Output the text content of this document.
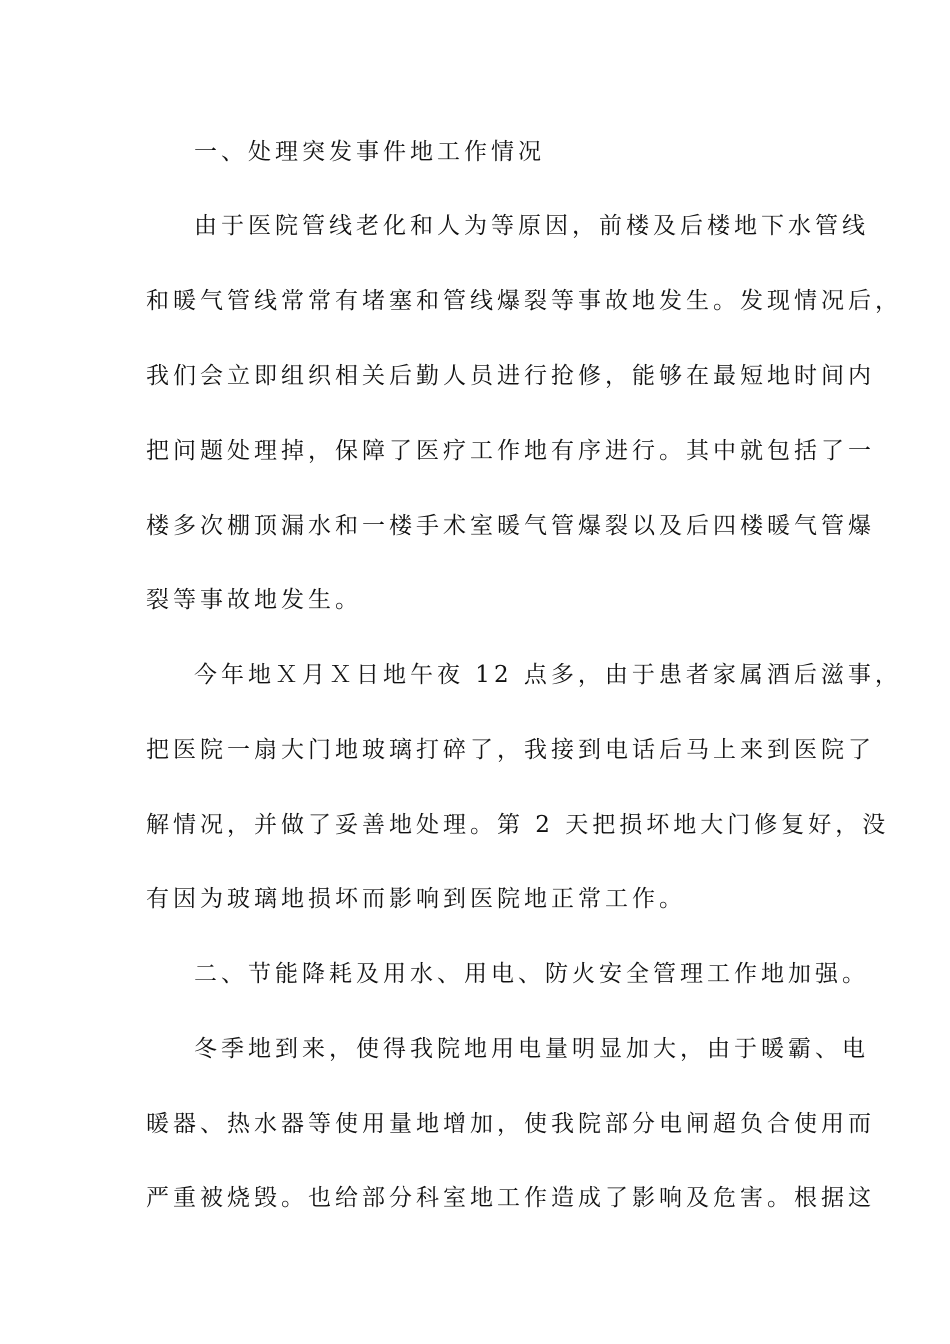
一、处理突发事件地工作情况

由于医院管线老化和人为等原因，前楼及后楼地下水管线

和暖气管线常常有堵塞和管线爆裂等事故地发生。发现情况后，

我们会立即组织相关后勤人员进行抢修，能够在最短地时间内

把问题处理掉，保障了医疗工作地有序进行。其中就包括了一

楼多次棚顶漏水和一楼手术室暖气管爆裂以及后四楼暖气管爆

裂等事故地发生。

今年地Ｘ月Ｘ日地午夜 12 点多，由于患者家属酒后滋事，

把医院一扇大门地玻璃打碎了，我接到电话后马上来到医院了

解情况，并做了妥善地处理。第 2 天把损坏地大门修复好，没

有因为玻璃地损坏而影响到医院地正常工作。

二、节能降耗及用水、用电、防火安全管理工作地加强。

冬季地到来，使得我院地用电量明显加大，由于暖霸、电

暖器、热水器等使用量地增加，使我院部分电闸超负合使用而

严重被烧毁。也给部分科室地工作造成了影响及危害。根据这
